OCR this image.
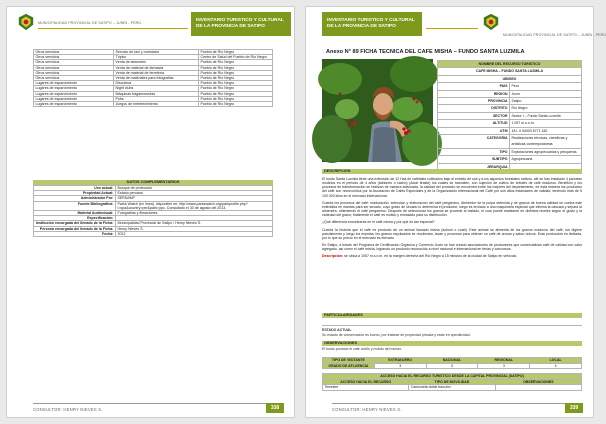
MUNICIPALIDAD PROVINCIAL DE SATIPO – JUNÍN - PERÚ	INVENTARIO TURISTICO Y CULTURAL DE LA PROVINCIA DE SATIPO
Otros servicios	Servicio de taxi y mototaxis	Pueblo de Río Negro
Otros servicios	Tópico	Centro de Salud del Pueblo de Río Negro
Otros servicios	Venta de abarrotes	Pueblo de Río Negro
Otros servicios	Venta de material de farmacia	Pueblo de Río Negro
Otros servicios	Venta de material de ferretería	Pueblo de Río Negro
Otros servicios	Venta de materiales para fotografías	Pueblo de Río Negro
Lugares de esparcimiento	Discoteca	Pueblo de Río Negro
Lugares de esparcimiento	Night clubs	Pueblo de Río Negro
Lugares de esparcimiento	Máquinas tragamonedas	Pueblo de Río Negro
Lugares de esparcimiento	Pubs	Pueblo de Río Negro
Lugares de esparcimiento	Juegos de entretenimiento	Pueblo de Río Negro
DATOS COMPLEMENTARIOS
Uso actual:	Bosque de protección
Propiedad Actual:	Estado peruano
Administrador Por:	SERNANP
Fuente Bibliográfica:	Parks Watch (en línea). disponible en: http://www.parkswatch.org/parkprofile.php?l=spa&country=per&park=ypc. Consultado el 30 de agosto del 2013.
Material Audiovisual:	Fotografías y filmaciones
Especificación:	
Institución encargada del llenado de la Ficha:	Municipalidad Provincial de Satipo / Henry Nieves S.
Persona encargada del llenado de la Ficha:	Henry Nieves S.
Fecha:	2012
CONSULTOR: HENRY NIEVES S.	338
MUNICIPALIDAD PROVINCIAL DE SATIPO – JUNÍN - PERÚ
INVENTARIO TURISTICO Y CULTURAL DE LA PROVINCIA DE SATIPO
Anexo N° 89 FICHA TECNICA DEL CAFE MISHA – FUNDO SANTA LUZMILA
NOMBRE DEL RECURSO TURISTICO	
CAFE MISHA – FUNDO SANTA LUZMILA	
UBIGEO	
PAIS	Perú
REGION	Junín
PROVINCIA	Satipo
DISTRITO	Río Negro
SECTOR	Sector I – Fundo Santa Luzmila
ALTITUD	1 057 m.s.n.m.
UTM	18 L 0 94903 8771 182
CATEGORIA	Realizaciones técnicas, científicas y artísticas contemporáneas
TIPO	Explotaciones agropecuarias y pesqueras
SUBTIPO	Agropecuaria
JERARQUIA	
DESCRIPCION

El fundo Santa Luzmila tiene una extensión de 12 Has de cafetales cultivados bajo el estricto de sus y a los aspectos forestales nativos, allí se han instalado 4 parcelas modelos en el periodo de 4 años (tablones o cacho) (Alzar tiraste) los cuales se trasmiten, con sujeción de cultivo de árboles de café maduros. Beneficio y los procesos de transformación se realizan de manera adecuada, la calidad del producto se encuentra entre los mejores del departamento, de esta manera los productos del café son reconocidos por la Asociación de Cafés Especiales y de la Organización Internacional del Café por sus altos estándares de calidad, teniendo más de 5 100 000 kilos en el mercado internacional.

Cuenta los procesos del café: maduración, selección y elaboración del café pergamino. Alrededor de la pulpa obtenida y de granos de buena calidad se vuelca este extendida en mantas para ser secado, cuyo grado de secado lo determina el productor, luego es enviado a una maquinaria especial que elimina la cáscara y separa la almendra, obteniendo el café pergamino. Después de seleccionar los granos se procede al tostado, el cual puede realizarse en distintos niveles según el gusto y la variedad del grano; finalmente el café es molido y envasado para su distribución.

¿Qué diferencia encontrarás en el café misha y por qué es tan especial?

Cuenta la historia que el café es producto de un animal llamado misha (achuni o coatí). Este animal se alimenta de los granos maduros del café, los digiere parcialmente y luego los expulsa; los granos expulsados se recolectan, lavan y procesan para obtener un café de aroma y sabor únicos. Esta producción es limitada, por lo que su precio en el mercado es elevado.

En Satipo, a través del Programa de Certificación Orgánica y Comercio Justo se han creado asociaciones de productores que comercializan café de calidad con valor agregado, así como el café misha, logrando un producto reconocido a nivel nacional e internacional en ferias y concursos.

Descripción: se ubica a 1057 m.s.n.m. en la margen derecha del Río Negro a 15 minutos de la ciudad de Satipo en vehículo.

PARTICULARIDADES
ESTADO ACTUAL
Su estado de conservación es bueno, por tratarse de propiedad privada y estar en operatividad.
OBSERVACIONES
El fundo produce el café criollo y molido del mundo.
TIPO DE VISITANTE	EXTRANJERO	NACIONAL	REGIONAL	LOCAL
GRADO DE AFLUENCIA	3	3	3	4
ACCESO HACIA EL RECURSO TURISTICO DESDE LA CAPITAL PROVINCIAL (SATIPO)		
ACCESO HACIA EL RECURSO	TIPO DE MOVILIDAD	OBSERVACIONES
Terrestre	Camioneta doble tracción	
CONSULTOR: HENRY NIEVES S.	339
